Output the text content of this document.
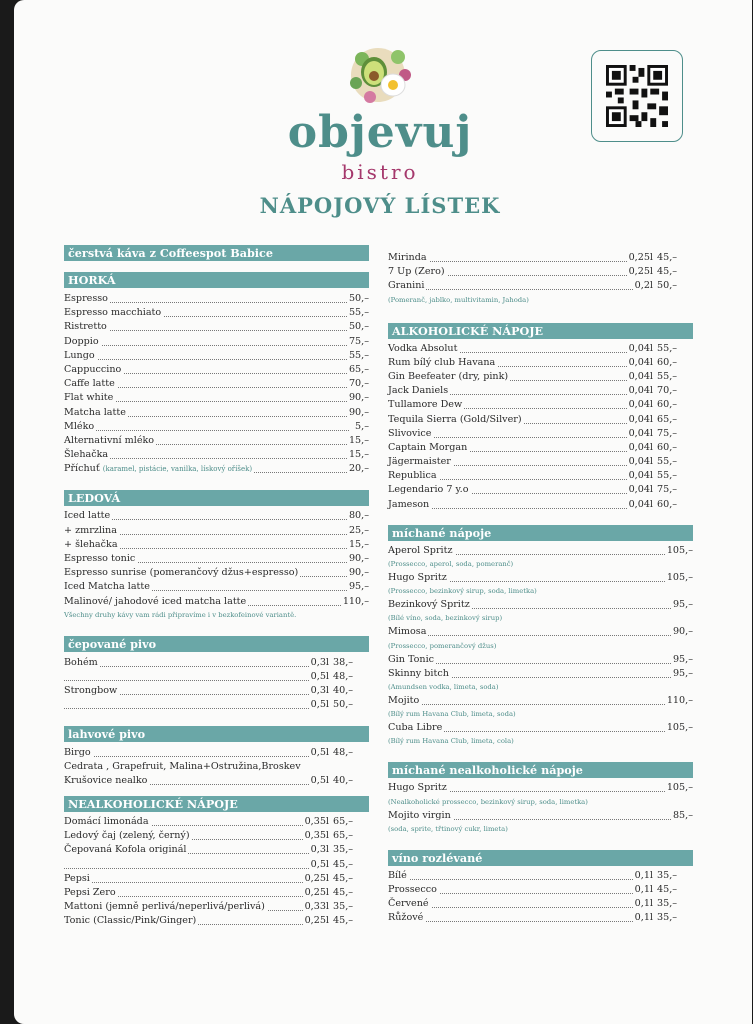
objevuj
bistro
NÁPOJOVÝ LÍSTEK
čerstvá káva z Coffeespot Babice
HORKÁ
Espresso	50,–
Espresso macchiato	55,–
Ristretto	50,–
Doppio	75,–
Lungo	55,–
Cappuccino	65,–
Caffe latte	70,–
Flat white	90,–
Matcha latte	90,–
Mléko	5,–
Alternativní mléko	15,–
Šlehačka	15,–
Příchuť (karamel, pistácie, vanilka, lískový oříšek)	20,–
LEDOVÁ
Iced latte	80,–
+ zmrzlina	25,–
+ šlehačka	15,–
Espresso tonic	90,–
Espresso sunrise (pomerančový džus+espresso)	90,–
Iced Matcha latte	95,–
Malinové/ jahodové iced matcha latte	110,–
Všechny druhy kávy vam rádi připravíme i v bezkofeinové variantě.
čepované pivo
Bohém	0,3l 38,–
0,5l 48,–
Strongbow	0,3l 40,–
0,5l 50,–
lahvové pivo
Birgo	0,5l 48,–
Cedrata , Grapefruit, Malina+Ostružina,Broskev
Krušovice nealko	0,5l 40,–
NEALKOHOLICKÉ NÁPOJE
Domácí limonáda	0,35l 65,–
Ledový čaj (zelený, černý)	0,35l 65,–
Čepovaná Kofola originál	0,3l 35,–
0,5l 45,–
Pepsi	0,25l 45,–
Pepsi Zero	0,25l 45,–
Mattoni (jemně perlivá/neperlivá/perlivá)	0,33l 35,–
Tonic (Classic/Pink/Ginger)	0,25l 45,–
Mirinda	0,25l 45,–
7 Up (Zero)	0,25l 45,–
Granini	0,2l 50,–
(Pomeranč, jablko, multivitamin, Jahoda)
ALKOHOLICKÉ NÁPOJE
Vodka Absolut	0,04l 55,–
Rum bílý club Havana	0,04l 60,–
Gin Beefeater (dry, pink)	0,04l 55,–
Jack Daniels	0,04l 70,–
Tullamore Dew	0,04l 60,–
Tequila Sierra (Gold/Silver)	0,04l 65,–
Slivovice	0,04l 75,–
Captain Morgan	0,04l 60,–
Jägermaister	0,04l 55,–
Republica	0,04l 55,–
Legendario 7 y.o	0,04l 75,–
Jameson	0,04l 60,–
míchané nápoje
Aperol Spritz	105,–
(Prossecco, aperol, soda, pomeranč)
Hugo Spritz	105,–
(Prossecco, bezinkový sirup, soda, limetka)
Bezinkový Spritz	95,–
(Bílé víno, soda, bezinkový sirup)
Mimosa	90,–
(Prossecco, pomerančový džus)
Gin Tonic	95,–
Skinny bitch	95,–
(Amundsen vodka, limeta, soda)
Mojito	110,–
(Bílý rum Havana Club, limeta, soda)
Cuba Libre	105,–
(Bílý rum Havana Club, limeta, cola)
míchané nealkoholické nápoje
Hugo Spritz	105,–
(Nealkoholické prossecco, bezinkový sirup, soda, limetka)
Mojito virgin	85,–
(soda, sprite, třtinový cukr, limeta)
víno rozlévané
Bílé	0,1l 35,–
Prossecco	0,1l 45,–
Červené	0,1l 35,–
Růžové	0,1l 35,–
